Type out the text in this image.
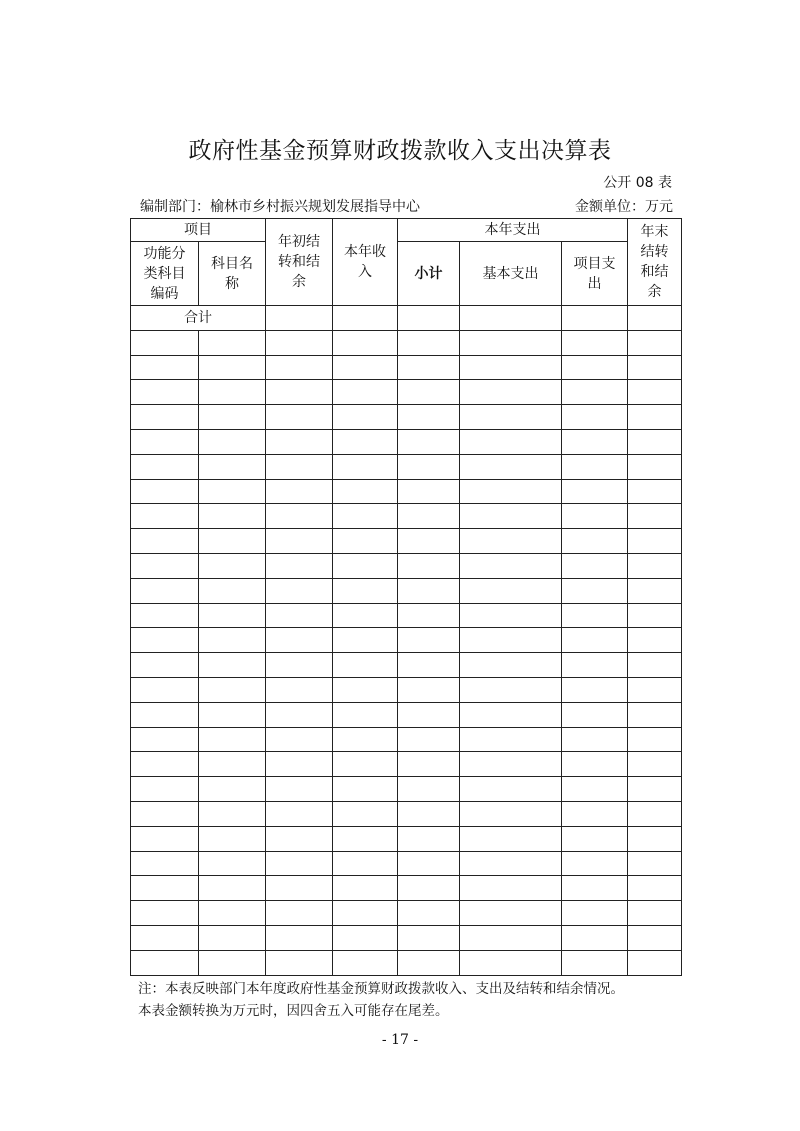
政府性基金预算财政拨款收入支出决算表
公开 08 表
编制部门：榆林市乡村振兴规划发展指导中心	金额单位：万元
项目		年初结转和结余	本年收入	本年支出			年末结转和结余

功能分类科目编码	科目名称			小计	基本支出	项目支出	

合计							

注：本表反映部门本年度政府性基金预算财政拨款收入、支出及结转和结余情况。
本表金额转换为万元时，因四舍五入可能存在尾差。
- 17 -
